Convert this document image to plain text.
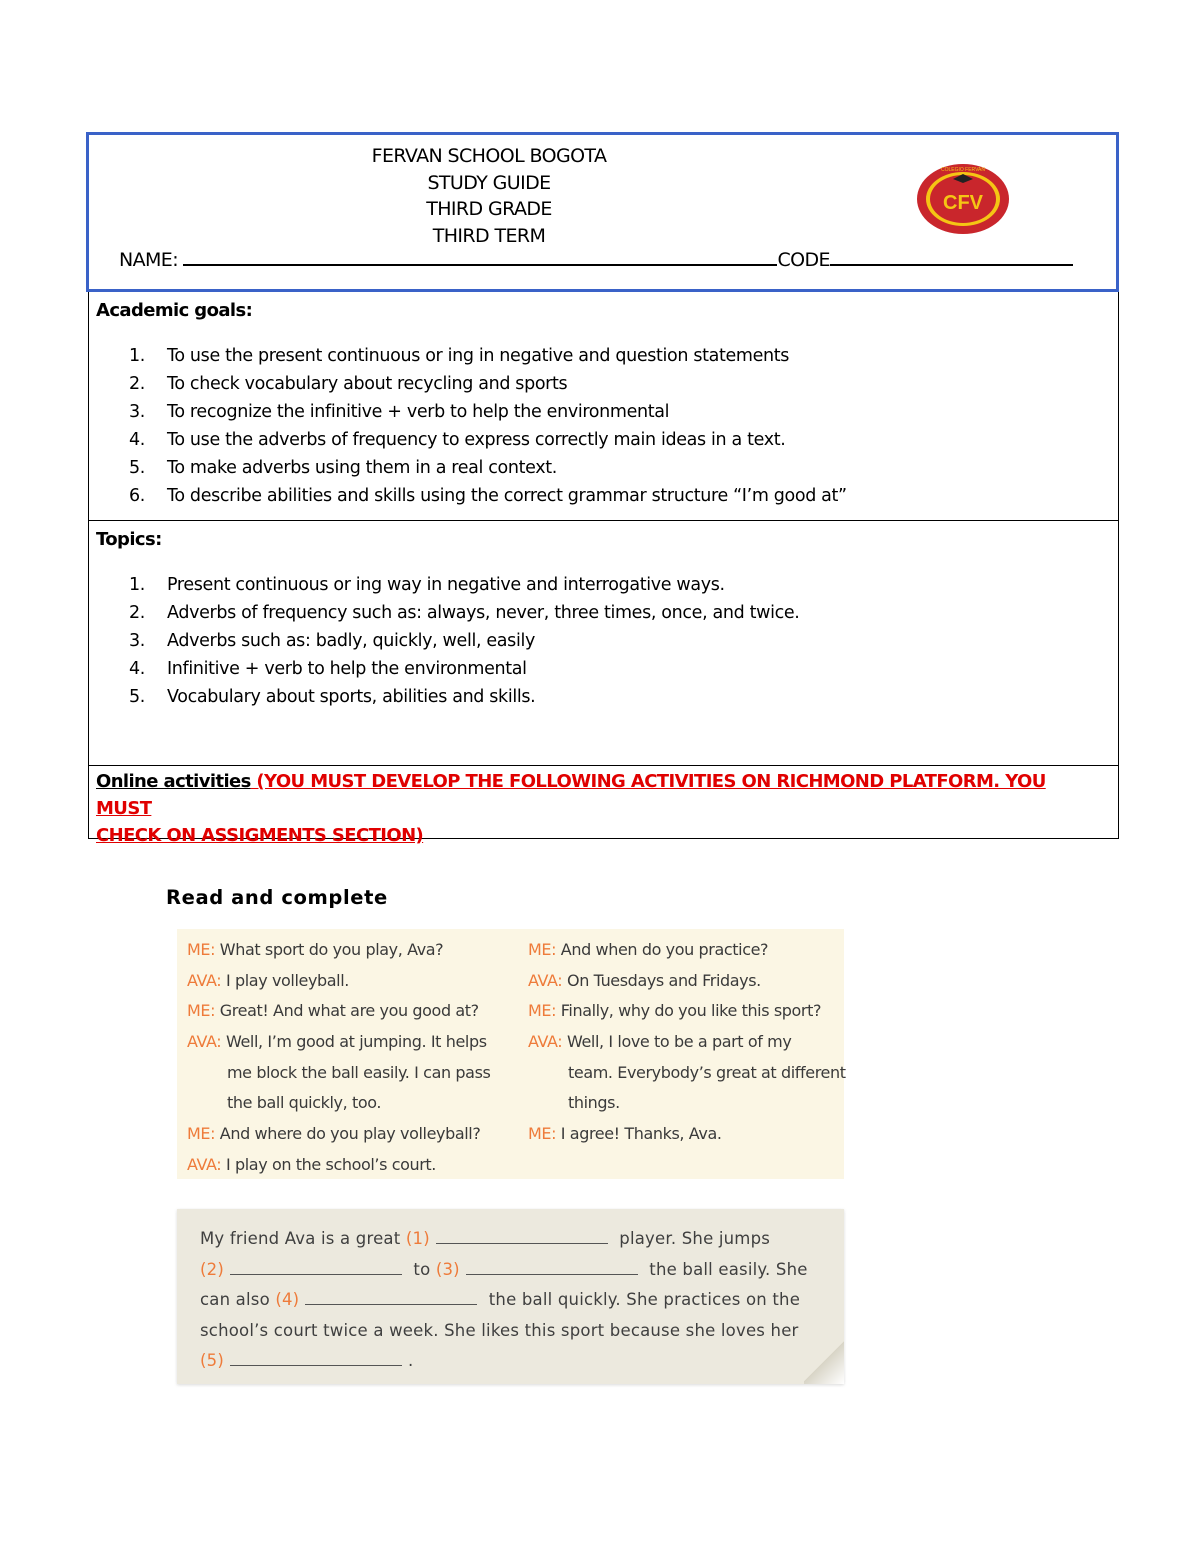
FERVAN SCHOOL BOGOTA
STUDY GUIDE
THIRD GRADE
THIRD TERM
NAME:	CODE
CFV
COLEGIO FERVAN
Academic goals:
1. To use the present continuous or ing in negative and question statements
2. To check vocabulary about recycling and sports
3. To recognize the infinitive + verb to help the environmental
4. To use the adverbs of frequency to express correctly main ideas in a text.
5. To make adverbs using them in a real context.
6. To describe abilities and skills using the correct grammar structure “I’m good at”
Topics:
1. Present continuous or ing way in negative and interrogative ways.
2. Adverbs of frequency such as: always, never, three times, once, and twice.
3. Adverbs such as: badly, quickly, well, easily
4. Infinitive + verb to help the environmental
5. Vocabulary about sports, abilities and skills.
Online activities (YOU MUST DEVELOP THE FOLLOWING ACTIVITIES ON RICHMOND PLATFORM. YOU MUST
CHECK ON ASSIGMENTS SECTION)
Read and complete
ME: What sport do you play, Ava?
AVA: I play volleyball.
ME: Great! And what are you good at?
AVA: Well, I’m good at jumping. It helps
me block the ball easily. I can pass
the ball quickly, too.
ME: And where do you play volleyball?
AVA: I play on the school’s court.
ME: And when do you practice?
AVA: On Tuesdays and Fridays.
ME: Finally, why do you like this sport?
AVA: Well, I love to be a part of my
team. Everybody’s great at different
things.
ME: I agree! Thanks, Ava.
My friend Ava is a great (1)	player. She jumps
(2)	to (3)	the ball easily. She
can also (4)	the ball quickly. She practices on the
school’s court twice a week. She likes this sport because she loves her
(5)	.
